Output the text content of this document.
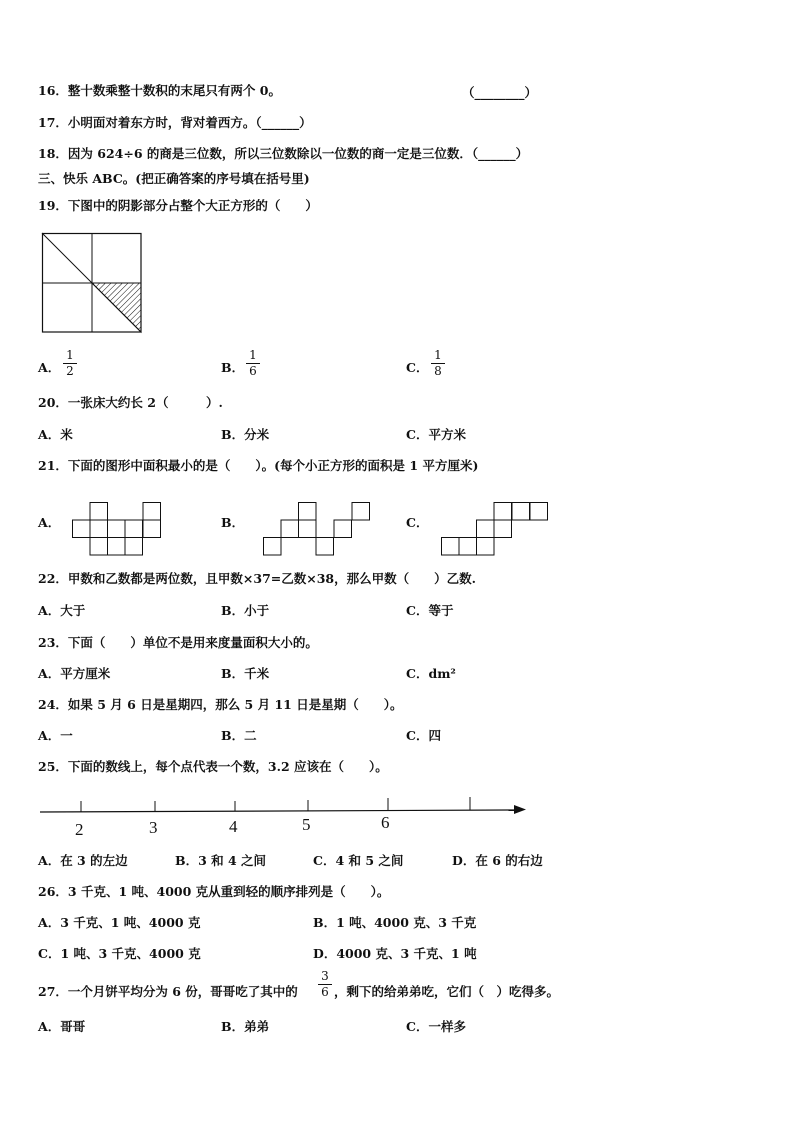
16．整十数乘整十数积的末尾只有两个 0。	（________）
17．小明面对着东方时，背对着西方。（______）
18．因为 624÷6 的商是三位数，所以三位数除以一位数的商一定是三位数．（______）
三、快乐 ABC。(把正确答案的序号填在括号里)
19．下图中的阴影部分占整个大正方形的（　　）
A．
1
2	B．
1
6	C．
1
8
20．一张床大约长 2（　　　）.
A．米	B．分米	C．平方米
21．下面的图形中面积最小的是（　　）。(每个小正方形的面积是 1 平方厘米)
A．	B．	C．
22．甲数和乙数都是两位数，且甲数×37=乙数×38，那么甲数（　　）乙数.
A．大于	B．小于	C．等于
23．下面（　　）单位不是用来度量面积大小的。
A．平方厘米	B．千米	C．dm²
24．如果 5 月 6 日是星期四，那么 5 月 11 日是星期（　　）。
A．一	B．二	C．四
25．下面的数线上，每个点代表一个数，3.2 应该在（　　）。
2	3	4	5	6
A．在 3 的左边	B．3 和 4 之间	C．4 和 5 之间	D．在 6 的右边
26．3 千克、1 吨、4000 克从重到轻的顺序排列是（　　）。
A．3 千克、1 吨、4000 克	B．1 吨、4000 克、3 千克
C．1 吨、3 千克、4000 克	D．4000 克、3 千克、1 吨
27．一个月饼平均分为 6 份，哥哥吃了其中的
3
6 ，剩下的给弟弟吃，它们（　）吃得多。
A．哥哥	B．弟弟	C．一样多
